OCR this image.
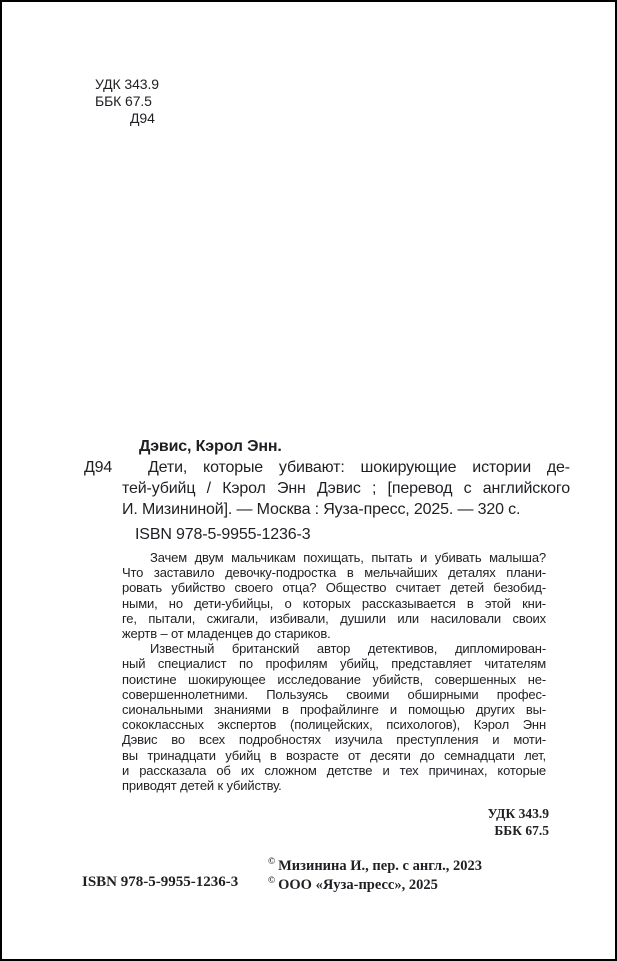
УДК 343.9
ББК 67.5
Д94
Д94
Дэвис, Кэрол Энн.
Дети, которые убивают: шокирующие истории де-
тей-убийц / Кэрол Энн Дэвис ; [перевод с английского
И. Мизининой]. — Москва : Яуза-пресс, 2025. — 320 с.
ISBN 978-5-9955-1236-3
Зачем двум мальчикам похищать, пытать и убивать малыша?
Что заставило девочку-подростка в мельчайших деталях плани-
ровать убийство своего отца? Общество считает детей безобид-
ными, но дети-убийцы, о которых рассказывается в этой кни-
ге, пытали, сжигали, избивали, душили или насиловали своих
жертв – от младенцев до стариков.
Известный британский автор детективов, дипломирован-
ный специалист по профилям убийц, представляет читателям
поистине шокирующее исследование убийств, совершенных не-
совершеннолетними. Пользуясь своими обширными профес-
сиональными знаниями в профайлинге и помощью других вы-
сококлассных экспертов (полицейских, психологов), Кэрол Энн
Дэвис во всех подробностях изучила преступления и моти-
вы тринадцати убийц в возрасте от десяти до семнадцати лет,
и рассказала об их сложном детстве и тех причинах, которые
приводят детей к убийству.
УДК 343.9
ББК 67.5
ISBN 978-5-9955-1236-3
© Мизинина И., пер. с англ., 2023
© ООО «Яуза-пресс», 2025
